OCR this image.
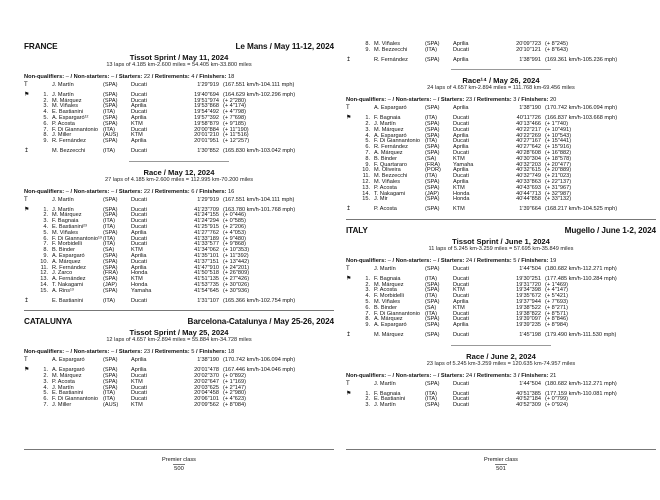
FRANCE	Le Mans / May 11-12, 2024
Tissot Sprint / May 11, 2024
13 laps of 4.185 km-2.600 miles = 54.405 km-33.800 miles
Non-qualifiers: – / Non-starters: – / Starters: 22 / Retirements: 4 / Finishers: 18
T	J. Martín	(SPA)	Ducati	1'29"919 (167.551 km/h-104.111 mph)
⚑	1. J. Martín	(SPA)	Ducati	19'40"694 (164.629 km/h-102.296 mph)
2. M. Márquez	(SPA)	Ducati	19'51"974 (+ 2"280)
3. M. Viñales	(SPA)	Aprilia	19'53"868 (+ 4"174)
4. E. Bastianini	(ITA)	Ducati	19'54"492 (+ 4"798)
5. A. Espargaró¹²	(SPA)	Aprilia	19'57"392 (+ 7"698)
6. P. Acosta	(SPA)	KTM	19'58"879 (+ 9"185)
7. F. Di Giannantonio (ITA)	Ducati	20'00"884 (+ 11"190)
8. J. Miller	(AUS)	KTM	20'01"210 (+ 11"516)
9. R. Fernández	(SPA)	Aprilia	20'01"951 (+ 12"257)
↥	M. Bezzecchi	(ITA)	Ducati	1'30"852 (165.830 km/h-103.042 mph)
Race / May 12, 2024
27 laps of 4.185 km-2.600 miles = 112.995 km-70.200 miles
Non-qualifiers: – / Non-starters: – / Starters: 22 / Retirements: 6 / Finishers: 16
T	J. Martín	(SPA)	Ducati	1'29"919 (167.551 km/h-104.111 mph)
⚑	1. J. Martín	(SPA)	Ducati	41'23"709 (163.780 km/h-101.768 mph)
2. M. Márquez	(SPA)	Ducati	41'24"155 (+ 0"446)
3. F. Bagnaia	(ITA)	Ducati	41'24"294 (+ 0"585)
4. E. Bastianini²³	(ITA)	Ducati	41'25"915 (+ 2"206)
5. M. Viñales	(SPA)	Aprilia	41'27"762 (+ 4"053)
6. F. Di Giannantonio¹³ (ITA)	Ducati	41'33"189 (+ 9"480)
7. F. Morbidelli	(ITA)	Ducati	41'33"577 (+ 9"868)
8. B. Binder	(SA)	KTM	41'34"062 (+ 10"353)
9. A. Espargaró	(SPA)	Aprilia	41'35"101 (+ 11"392)
10. A. Márquez	(SPA)	Ducati	41'37"151 (+ 13"442)
11. R. Fernández	(SPA)	Aprilia	41'47"910 (+ 24"201)
12. J. Zarco	(FRA)	Honda	41'50"518 (+ 26"809)
13. A. Fernández	(SPA)	KTM	41'51"135 (+ 27"426)
14. T. Nakagami	(JAP)	Honda	41'53"735 (+ 30"026)
15. A. Rins¹³	(SPA)	Yamaha	41'54"645 (+ 30"936)
↥	E. Bastianini	(ITA)	Ducati	1'31"107 (165.366 km/h-102.754 mph)
CATALUNYA	Barcelona-Catalunya / May 25-26, 2024
Tissot Sprint / May 25, 2024
12 laps of 4.657 km-2.894 miles = 55.884 km-34.728 miles
Non-qualifiers: – / Non-starters: – / Starters: 23 / Retirements: 5 / Finishers: 18
T	A. Espargaró	(SPA)	Aprilia	1'38"190 (170.742 km/h-106.094 mph)
⚑	1. A. Espargaró	(SPA)	Aprilia	20'01"478 (167.446 km/h-104.046 mph)
2. M. Márquez	(SPA)	Ducati	20'02"370 (+ 0"892)
3. P. Acosta	(SPA)	KTM	20'02"647 (+ 1"169)
4. J. Martín	(SPA)	Ducati	20'03"625 (+ 2"147)
5. E. Bastianini	(ITA)	Ducati	20'04"458 (+ 2"980)
6. F. Di Giannantonio (ITA)	Ducati	20'06"101 (+ 4"623)
7. J. Miller	(AUS)	KTM	20'09"562 (+ 8"084)
Premier class
500
8. M. Viñales	(SPA)	Aprilia	20'09"723 (+ 8"245)
9. M. Bezzecchi	(ITA)	Ducati	20'10"121 (+ 8"643)
↥	R. Fernández	(SPA)	Aprilia	1'38"991 (169.361 km/h-105.236 mph)
Race¹⁴ / May 26, 2024
24 laps of 4.657 km-2.894 miles = 111.768 km-69.456 miles
Non-qualifiers: – / Non-starters: – / Starters: 23 / Retirements: 3 / Finishers: 20
T	A. Espargaró	(SPA)	Aprilia	1'38"190 (170.742 km/h-106.094 mph)
⚑	1. F. Bagnaia	(ITA)	Ducati	40'11"726 (166.837 km/h-103.668 mph)
2. J. Martín	(SPA)	Ducati	40'13"466 (+ 1"740)
3. M. Márquez	(SPA)	Ducati	40'22"217 (+ 10"491)
4. A. Espargaró	(SPA)	Aprilia	40'22"269 (+ 10"543)
5. F. Di Giannantonio (ITA)	Ducati	40'27"167 (+ 15"441)
6. R. Fernández	(SPA)	Aprilia	40'27"642 (+ 15"916)
7. A. Márquez	(SPA)	Ducati	40'28"608 (+ 16"882)
8. B. Binder	(SA)	KTM	40'30"304 (+ 18"578)
9. F. Quartararo	(FRA)	Yamaha	40'32"203 (+ 20"477)
10. M. Oliveira	(POR)	Aprilia	40'32"615 (+ 20"889)
11. M. Bezzecchi	(ITA)	Ducati	40'32"749 (+ 21"023)
12. M. Viñales	(SPA)	Aprilia	40'33"863 (+ 22"137)
13. P. Acosta	(SPA)	KTM	40'43"693 (+ 31"967)
14. T. Nakagami	(JAP)	Honda	40'44"713 (+ 32"987)
15. J. Mir	(SPA)	Honda	40'44"858 (+ 33"132)
↥	P. Acosta	(SPA)	KTM	1'39"664 (168.217 km/h-104.525 mph)
ITALY	Mugello / June 1-2, 2024
Tissot Sprint / June 1, 2024
11 laps of 5.245 km-3.259 miles = 57.695 km-35.849 miles
Non-qualifiers: – / Non-starters: – / Starters: 24 / Retirements: 5 / Finishers: 19
T	J. Martín	(SPA)	Ducati	1'44"504 (180.682 km/h-112.271 mph)
⚑	1. F. Bagnaia	(ITA)	Ducati	19'30"251 (177.485 km/h-110.284 mph)
2. M. Márquez	(SPA)	Ducati	19'31"720 (+ 1"469)
3. P. Acosta	(SPA)	KTM	19'34"398 (+ 4"147)
4. F. Morbidelli	(ITA)	Ducati	19'35"672 (+ 5"421)
5. M. Viñales	(SPA)	Aprilia	19'37"944 (+ 7"693)
6. B. Binder	(SA)	KTM	19'38"522 (+ 8"271)
7. F. Di Giannantonio (ITA)	Ducati	19'38"822 (+ 8"571)
8. A. Márquez	(SPA)	Ducati	19'39"097 (+ 8"846)
9. A. Espargaró	(SPA)	Aprilia	19'39"235 (+ 8"984)
↥	M. Márquez	(SPA)	Ducati	1'45"198 (179.490 km/h-111.530 mph)
Race / June 2, 2024
23 laps of 5.245 km-3.259 miles = 120.635 km-74.957 miles
Non-qualifiers: – / Non-starters: – / Starters: 24 / Retirements: 3 / Finishers: 21
T	J. Martín	(SPA)	Ducati	1'44"504 (180.682 km/h-112.271 mph)
⚑	1. F. Bagnaia	(ITA)	Ducati	40'51"385 (177.159 km/h-110.081 mph)
2. E. Bastianini	(ITA)	Ducati	40'52"184 (+ 0"799)
3. J. Martín	(SPA)	Ducati	40'52"309 (+ 0"924)
Premier class
501
